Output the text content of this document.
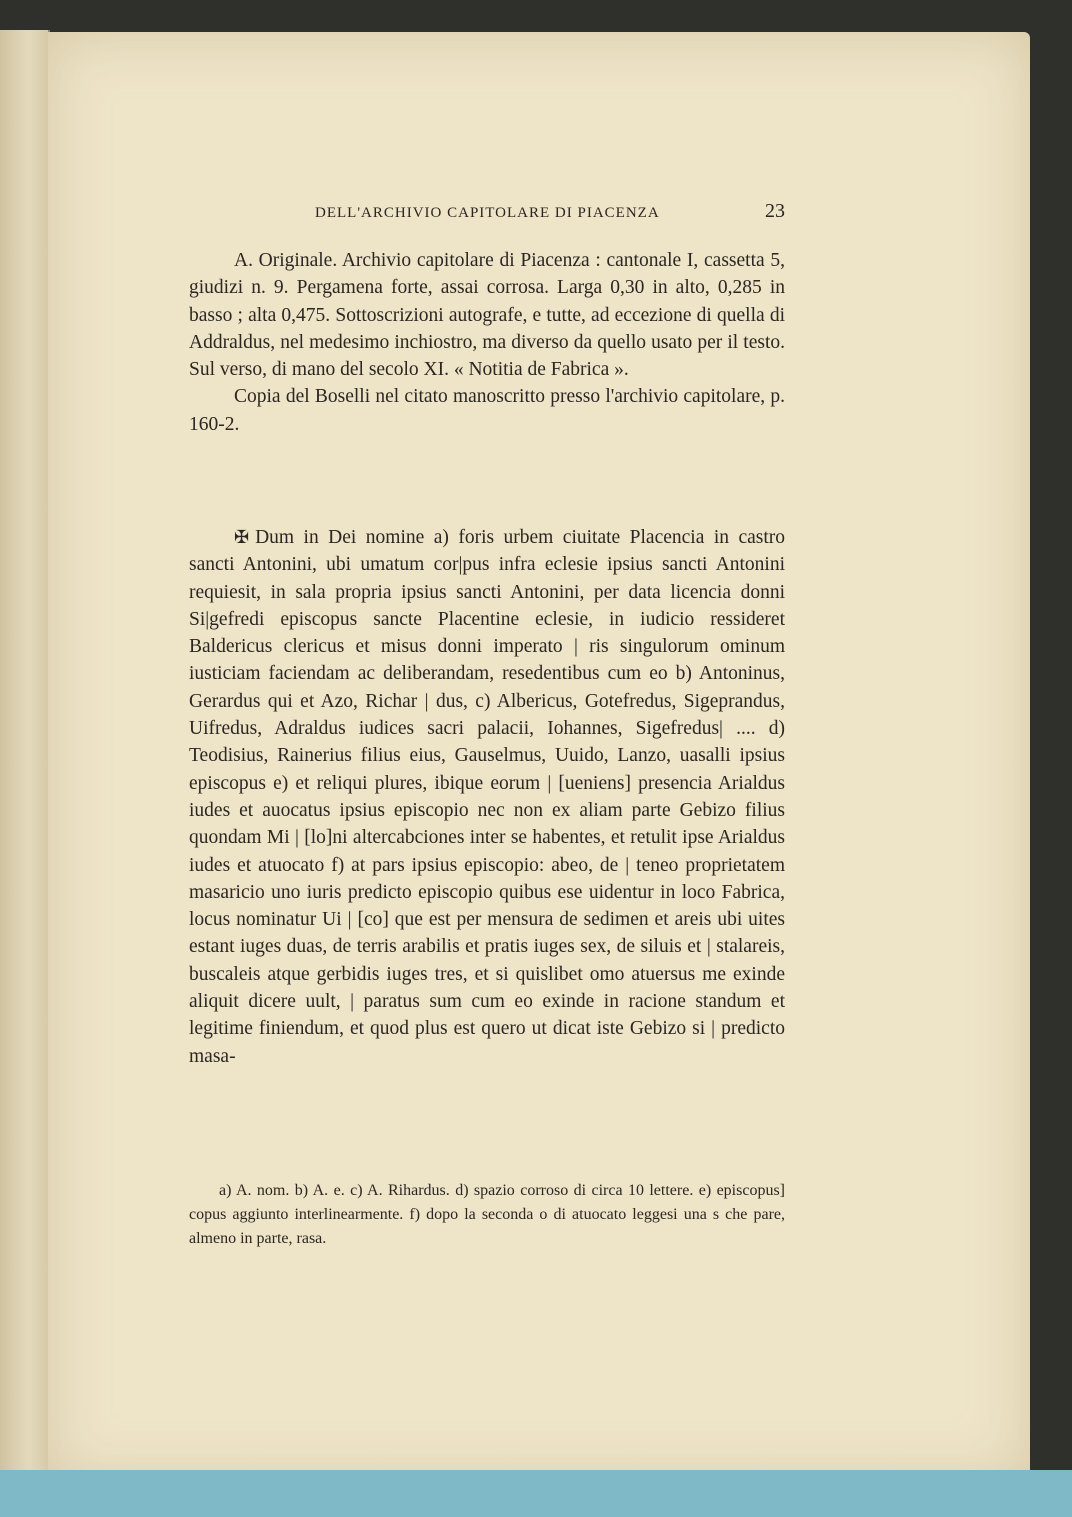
DELL'ARCHIVIO CAPITOLARE DI PIACENZA	23

A. Originale. Archivio capitolare di Piacenza : cantonale I, cassetta 5, giudizi n. 9. Pergamena forte, assai corrosa. Larga 0,30 in alto, 0,285 in basso ; alta 0,475. Sottoscrizioni autografe, e tutte, ad eccezione di quella di Addraldus, nel medesimo inchiostro, ma diverso da quello usato per il testo. Sul verso, di mano del secolo XI. « Notitia de Fabrica ».

Copia del Boselli nel citato manoscritto presso l'archivio capitolare, p. 160-2.

✠ Dum in Dei nomine a) foris urbem ciuitate Placencia in castro sancti Antonini, ubi umatum cor|pus infra eclesie ipsius sancti Antonini requiesit, in sala propria ipsius sancti Antonini, per data licencia donni Si|gefredi episcopus sancte Placentine eclesie, in iudicio ressideret Baldericus clericus et misus donni imperato | ris singulorum ominum iusticiam faciendam ac deliberandam, resedentibus cum eo b) Antoninus, Gerardus qui et Azo, Richar | dus, c) Albericus, Gotefredus, Sigeprandus, Uifredus, Adraldus iudices sacri palacii, Iohannes, Sigefredus| .... d) Teodisius, Rainerius filius eius, Gauselmus, Uuido, Lanzo, uasalli ipsius episcopus e) et reliqui plures, ibique eorum | [ueniens] presencia Arialdus iudes et auocatus ipsius episcopio nec non ex aliam parte Gebizo filius quondam Mi | [lo]ni altercabciones inter se habentes, et retulit ipse Arialdus iudes et atuocato f) at pars ipsius episcopio: abeo, de | teneo proprietatem masaricio uno iuris predicto episcopio quibus ese uidentur in loco Fabrica, locus nominatur Ui | [co] que est per mensura de sedimen et areis ubi uites estant iuges duas, de terris arabilis et pratis iuges sex, de siluis et | stalareis, buscaleis atque gerbidis iuges tres, et si quislibet omo atuersus me exinde aliquit dicere uult, | paratus sum cum eo exinde in racione standum et legitime finiendum, et quod plus est quero ut dicat iste Gebizo si | predicto masa-

a) A. nom. b) A. e. c) A. Rihardus. d) spazio corroso di circa 10 lettere. e) episcopus] copus aggiunto interlinearmente. f) dopo la seconda o di atuocato leggesi una s che pare, almeno in parte, rasa.
